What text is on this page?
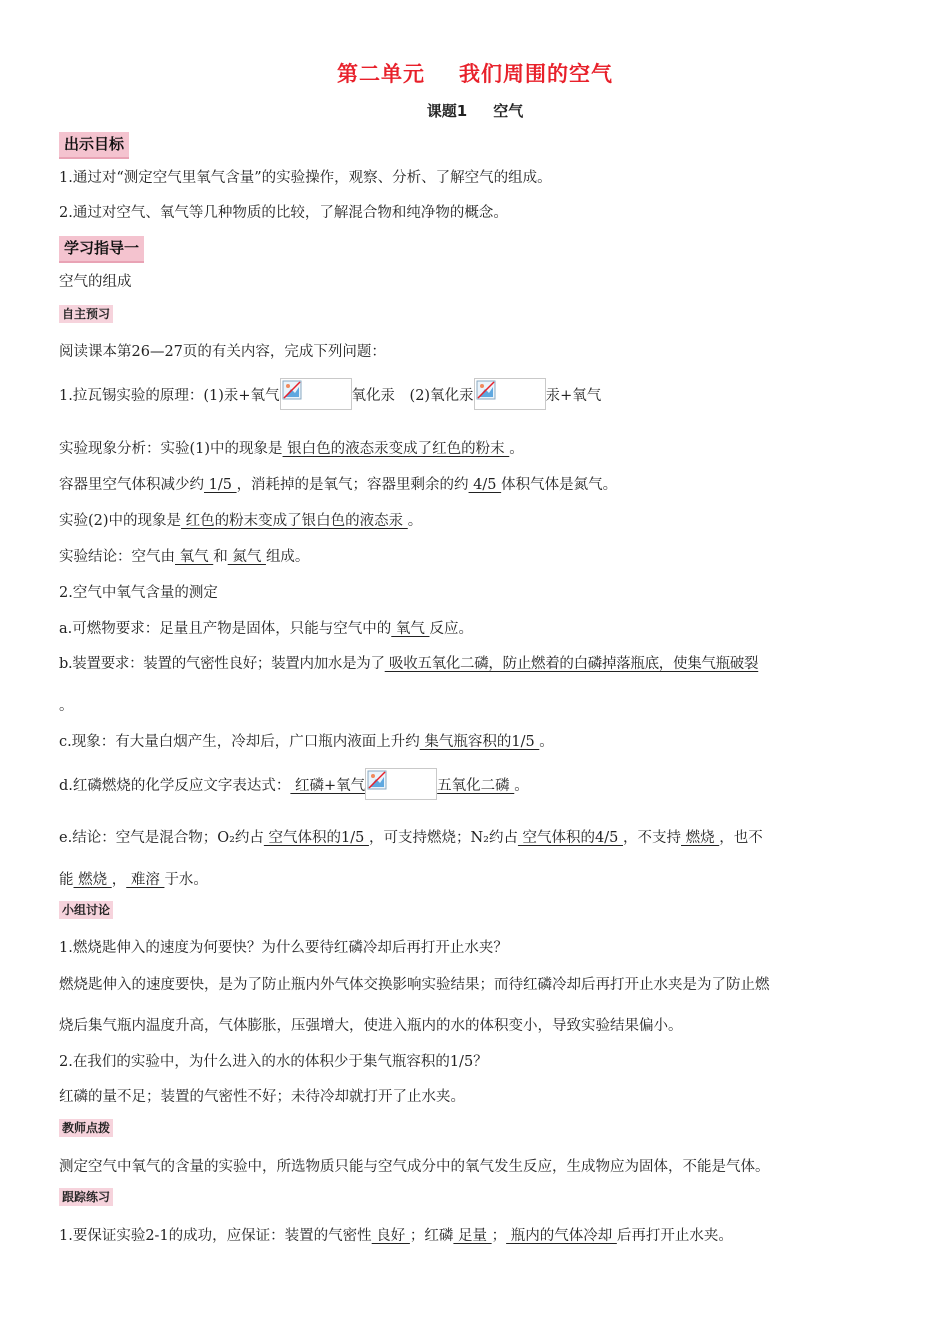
第二单元 我们周围的空气
课题1 空气
出示目标
1.通过对“测定空气里氧气含量”的实验操作，观察、分析、了解空气的组成。
2.通过对空气、氧气等几种物质的比较，了解混合物和纯净物的概念。
学习指导一
空气的组成
自主预习
阅读课本第26—27页的有关内容，完成下列问题：
1.拉瓦锡实验的原理：(1)汞+氧气	氧化汞　(2)氧化汞	汞+氧气
实验现象分析：实验(1)中的现象是 银白色的液态汞变成了红色的粉末 。
容器里空气体积减少约 1/5 ，消耗掉的是氧气；容器里剩余的约 4/5 体积气体是氮气。
实验(2)中的现象是 红色的粉末变成了银白色的液态汞 。
实验结论：空气由 氧气 和 氮气 组成。
2.空气中氧气含量的测定
a.可燃物要求：足量且产物是固体，只能与空气中的 氧气 反应。
b.装置要求：装置的气密性良好；装置内加水是为了 吸收五氧化二磷，防止燃着的白磷掉落瓶底，使集气瓶破裂
。
c.现象：有大量白烟产生，冷却后，广口瓶内液面上升约 集气瓶容积的1/5 。
d.红磷燃烧的化学反应文字表达式： 红磷+氧气	五氧化二磷 。
e.结论：空气是混合物；O₂约占 空气体积的1/5 ，可支持燃烧；N₂约占 空气体积的4/5 ，不支持 燃烧 ，也不
能 燃烧 ， 难溶 于水。
小组讨论
1.燃烧匙伸入的速度为何要快？为什么要待红磷冷却后再打开止水夹？
燃烧匙伸入的速度要快，是为了防止瓶内外气体交换影响实验结果；而待红磷冷却后再打开止水夹是为了防止燃
烧后集气瓶内温度升高，气体膨胀，压强增大，使进入瓶内的水的体积变小，导致实验结果偏小。
2.在我们的实验中，为什么进入的水的体积少于集气瓶容积的1/5？
红磷的量不足；装置的气密性不好；未待冷却就打开了止水夹。
教师点拨
测定空气中氧气的含量的实验中，所选物质只能与空气成分中的氧气发生反应，生成物应为固体，不能是气体。
跟踪练习
1.要保证实验2-1的成功，应保证：装置的气密性 良好 ；红磷 足量 ； 瓶内的气体冷却 后再打开止水夹。
